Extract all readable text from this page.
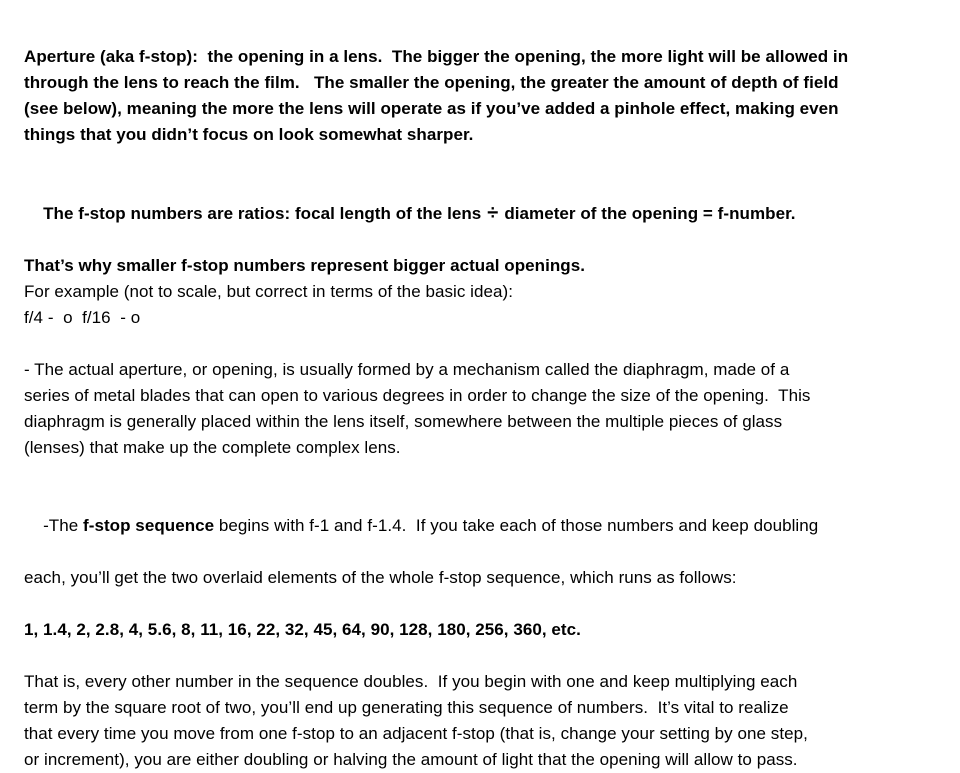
Aperture (aka f-stop):  the opening in a lens.  The bigger the opening, the more light will be allowed in
through the lens to reach the film.   The smaller the opening, the greater the amount of depth of field
(see below), meaning the more the lens will operate as if you’ve added a pinhole effect, making even
things that you didn’t focus on look somewhat sharper.

The f-stop numbers are ratios: focal length of the lens ÷ diameter of the opening = f-number.

That’s why smaller f-stop numbers represent bigger actual openings.
For example (not to scale, but correct in terms of the basic idea):
f/4 -  o  f/16  - o
- The actual aperture, or opening, is usually formed by a mechanism called the diaphragm, made of a
series of metal blades that can open to various degrees in order to change the size of the opening.  This
diaphragm is generally placed within the lens itself, somewhere between the multiple pieces of glass
(lenses) that make up the complete complex lens.

-The f-stop sequence begins with f-1 and f-1.4.  If you take each of those numbers and keep doubling

each, you’ll get the two overlaid elements of the whole f-stop sequence, which runs as follows:
1, 1.4, 2, 2.8, 4, 5.6, 8, 11, 16, 22, 32, 45, 64, 90, 128, 180, 256, 360, etc.
That is, every other number in the sequence doubles.  If you begin with one and keep multiplying each
term by the square root of two, you’ll end up generating this sequence of numbers.  It’s vital to realize
that every time you move from one f-stop to an adjacent f-stop (that is, change your setting by one step,
or increment), you are either doubling or halving the amount of light that the opening will allow to pass.
